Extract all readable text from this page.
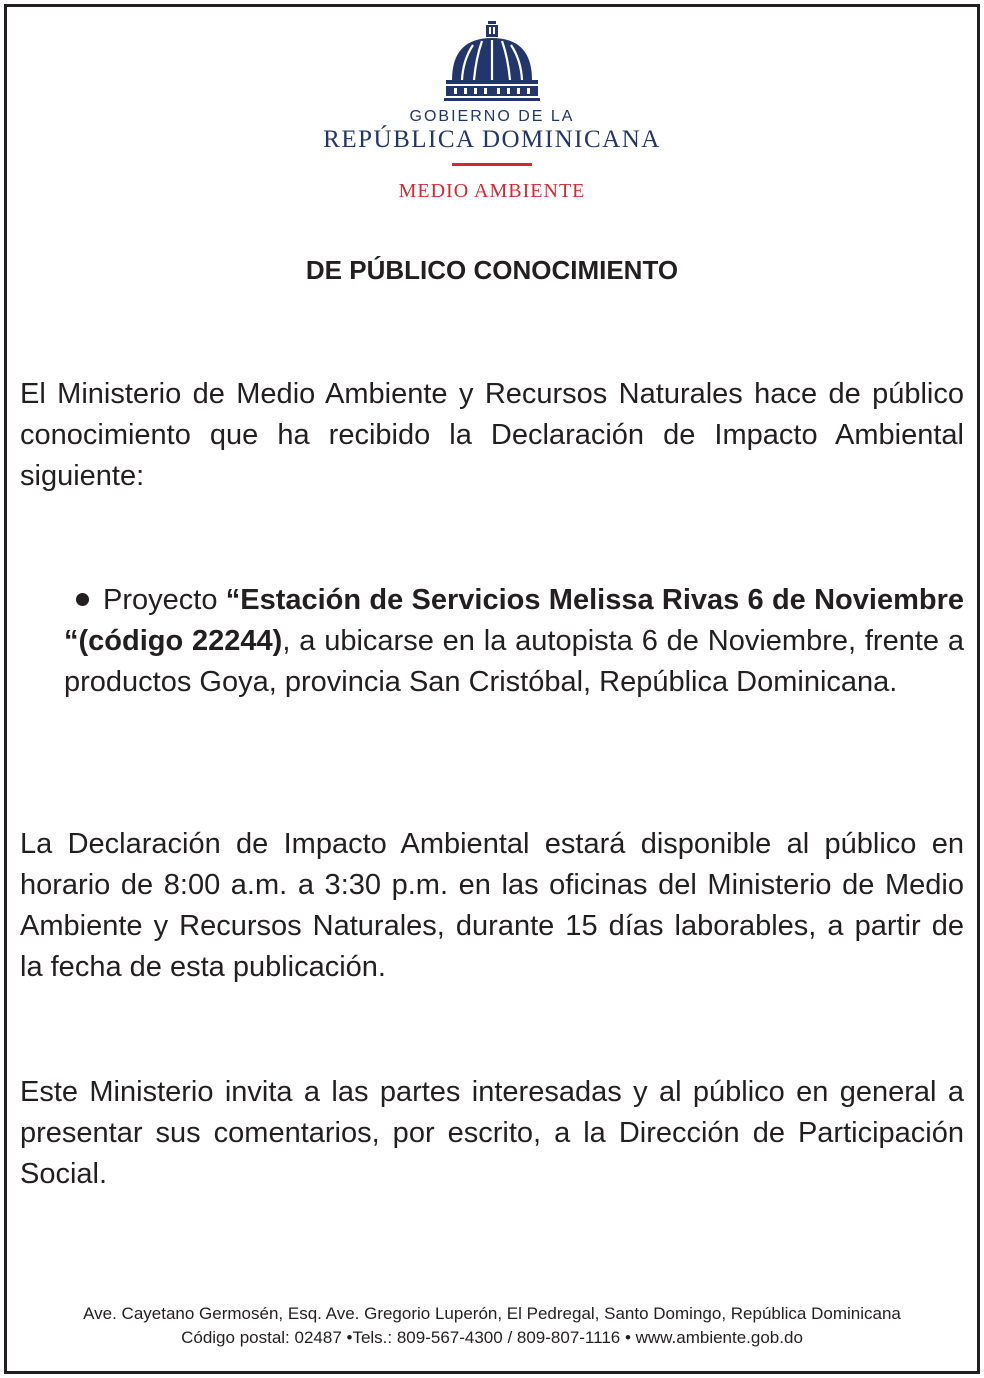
GOBIERNO DE LA
REPÚBLICA DOMINICANA
MEDIO AMBIENTE
DE PÚBLICO CONOCIMIENTO

El Ministerio de Medio Ambiente y Recursos Naturales hace de público conocimiento que ha recibido la Declaración de Impacto Ambiental siguiente:

Proyecto “Estación de Servicios Melissa Rivas 6 de Noviembre “(código 22244), a ubicarse en la autopista 6 de Noviembre, frente a productos Goya, provincia San Cristóbal, República Dominicana.

La Declaración de Impacto Ambiental estará disponible al público en horario de 8:00 a.m. a 3:30 p.m. en las oficinas del Ministerio de Medio Ambiente y Recursos Naturales, durante 15 días laborables, a partir de la fecha de esta publicación.

Este Ministerio invita a las partes interesadas y al público en general a presentar sus comentarios, por escrito, a la Dirección de Participación Social.

Ave. Cayetano Germosén, Esq. Ave. Gregorio Luperón, El Pedregal, Santo Domingo, República Dominicana
Código postal: 02487 •Tels.: 809-567-4300 / 809-807-1116 • www.ambiente.gob.do
